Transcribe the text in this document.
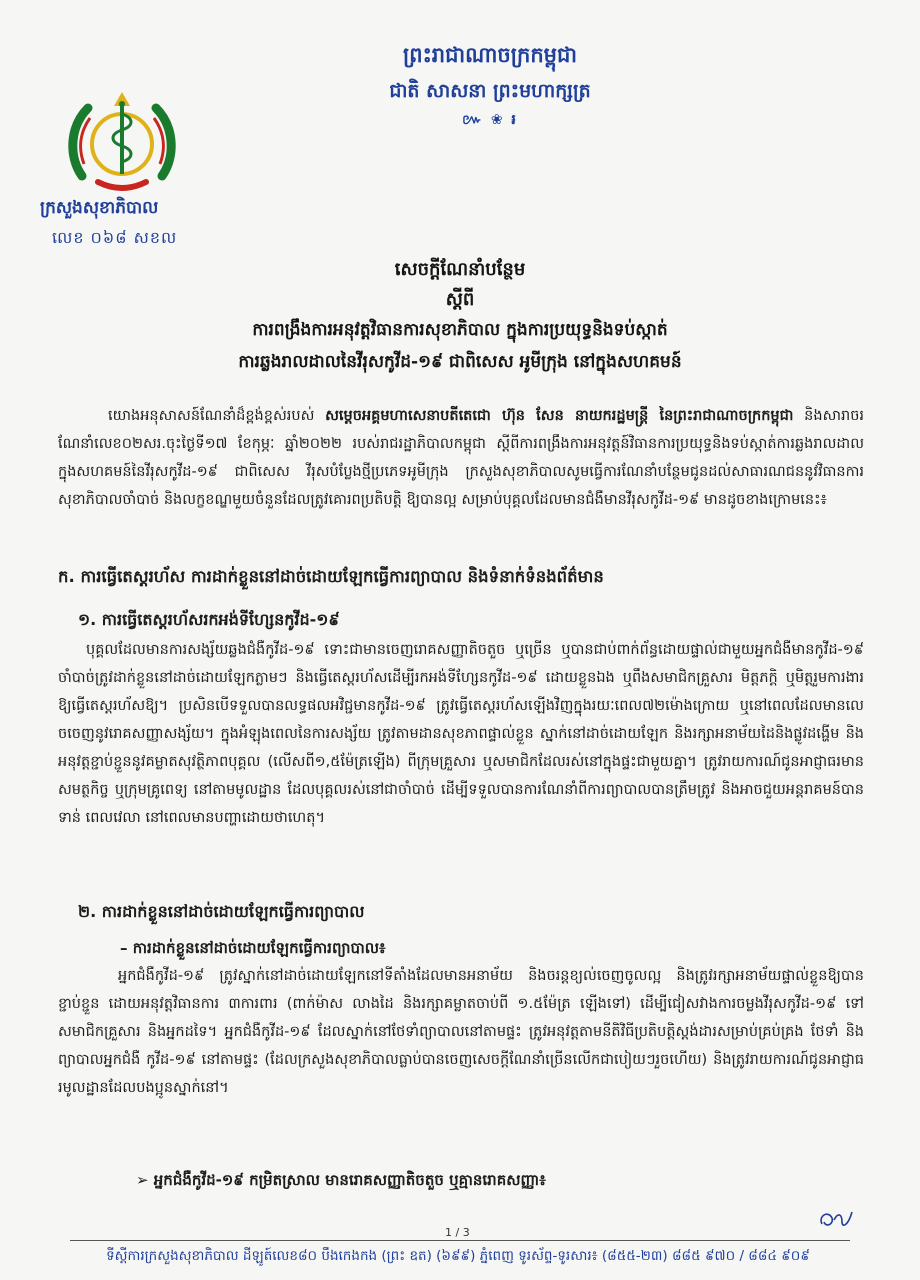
ព្រះរាជាណាចក្រកម្ពុជា
ជាតិ សាសនា ព្រះមហាក្សត្រ
៚ ❀ ៛
ក្រសួងសុខាភិបាល
លេខ ០៦៨ សខល
សេចក្តីណែនាំបន្ថែម
ស្តីពី
ការពង្រឹងការអនុវត្តវិធានការសុខាភិបាល ក្នុងការប្រយុទ្ធនិងទប់ស្កាត់
ការឆ្លងរាលដាលនៃវីរុសកូវីដ-១៩ ជាពិសេស អូមីក្រុង នៅក្នុងសហគមន៍
យោងអនុសាសន៍ណែនាំដ៏ខ្ពង់ខ្ពស់របស់ សម្តេចអគ្គមហាសេនាបតីតេជោ ហ៊ុន សែន នាយករដ្ឋមន្ត្រី នៃព្រះរាជាណាចក្រកម្ពុជា និងសារាចរណែនាំលេខ០២សរ.ចុះថ្ងៃទី១៧ ខែកុម្ភៈ ឆ្នាំ២០២២ របស់រាជរដ្ឋាភិបាលកម្ពុជា ស្តីពីការពង្រឹងការអនុវត្តន៍វិធានការប្រយុទ្ធនិងទប់ស្កាត់ការឆ្លងរាលដាលក្នុងសហគមន៍នៃវីរុសកូវីដ-១៩ ជាពិសេស វីរុសបំប្លែងថ្មីប្រភេទអូមីក្រុង ក្រសួងសុខាភិបាលសូមធ្វើការណែនាំបន្ថែមជូនដល់សាធារណជននូវវិធានការសុខាភិបាលចាំបាច់ និងលក្ខខណ្ឌមួយចំនួនដែលត្រូវគោរពប្រតិបត្តិ ឱ្យបានល្អ សម្រាប់បុគ្គលដែលមានជំងឺមានវីរុសកូវីដ-១៩ មានដូចខាងក្រោមនេះ៖
ក. ការធ្វើតេស្តរហ័ស ការដាក់ខ្លួននៅដាច់ដោយឡែកធ្វើការព្យាបាល និងទំនាក់ទំនងព័ត៌មាន
១. ការធ្វើតេស្តរហ័សរកអង់ទីហ្សែនកូវីដ-១៩
បុគ្គលដែលមានការសង្ស័យឆ្លងជំងឺកូវីដ-១៩ ទោះជាមានចេញរោគសញ្ញាតិចតួច ឬច្រើន ឬបានជាប់ពាក់ព័ន្ធដោយផ្ទាល់ជាមួយអ្នកជំងឺមានកូវីដ-១៩ ចាំបាច់ត្រូវដាក់ខ្លួននៅដាច់ដោយឡែកភ្លាមៗ និងធ្វើតេស្តរហ័សដើម្បីរកអង់ទីហ្សែនកូវីដ-១៩ ដោយខ្លួនឯង ឬពឹងសមាជិកគ្រួសារ មិត្តភក្តិ ឬមិត្តរួមការងារ ឱ្យធ្វើតេស្តរហ័សឱ្យ។ ប្រសិនបើទទួលបានលទ្ធផលអវិជ្ជមានកូវីដ-១៩ ត្រូវធ្វើតេស្តរហ័សឡើងវិញក្នុងរយៈពេល៧២ម៉ោងក្រោយ ឬនៅពេលដែលមានលេចចេញនូវរោគសញ្ញាសង្ស័យ។ ក្នុងអំឡុងពេលនៃការសង្ស័យ ត្រូវតាមដានសុខភាពផ្ទាល់ខ្លួន ស្នាក់នៅដាច់ដោយឡែក និងរក្សាអនាម័យដៃនិងផ្លូវដង្ហើម និងអនុវត្តខ្ជាប់ខ្ជួននូវគម្លាតសុវត្ថិភាពបុគ្គល (លើសពី១,៥ម៉ែត្រឡើង) ពីក្រុមគ្រួសារ ឬសមាជិកដែលរស់នៅក្នុងផ្ទះជាមួយគ្នា។ ត្រូវរាយការណ៍ជូនអាជ្ញាធរមានសមត្ថកិច្ច ឬក្រុមគ្រូពេទ្យ នៅតាមមូលដ្ឋាន ដែលបុគ្គលរស់នៅជាចាំបាច់ ដើម្បីទទួលបានការណែនាំពីការព្យាបាលបានត្រឹមត្រូវ និងអាចជួយអន្តរាគមន៍បានទាន់ ពេលវេលា នៅពេលមានបញ្ហាដោយថាហេតុ។
២. ការដាក់ខ្លួននៅដាច់ដោយឡែកធ្វើការព្យាបាល
– ការដាក់ខ្លួននៅដាច់ដោយឡែកធ្វើការព្យាបាល៖
អ្នកជំងឺកូវីដ-១៩ ត្រូវស្នាក់នៅដាច់ដោយឡែកនៅទីតាំងដែលមានអនាម័យ និងចរន្តខ្យល់ចេញចូលល្អ និងត្រូវរក្សាអនាម័យផ្ទាល់ខ្លួនឱ្យបានខ្ជាប់ខ្ជួន ដោយអនុវត្តវិធានការ ៣ការពារ (ពាក់ម៉ាស លាងដៃ និងរក្សាគម្លាតចាប់ពី ១.៥ម៉ែត្រ ឡើងទៅ) ដើម្បីជៀសវាងការចម្លងវីរុសកូវីដ-១៩ ទៅសមាជិកគ្រួសារ និងអ្នកដទៃ។ អ្នកជំងឺកូវីដ-១៩ ដែលស្នាក់នៅថែទាំព្យាបាលនៅតាមផ្ទះ ត្រូវអនុវត្តតាមនីតិវិធីប្រតិបត្តិស្តង់ដារសម្រាប់គ្រប់គ្រង ថែទាំ និងព្យាបាលអ្នកជំងឺ កូវីដ-១៩ នៅតាមផ្ទះ (ដែលក្រសួងសុខាភិបាលធ្លាប់បានចេញសេចក្តីណែនាំច្រើនលើកជាបៀយៗរួចហើយ) និងត្រូវរាយការណ៍ជូនអាជ្ញាធរមូលដ្ឋានដែលបងប្អូនស្នាក់នៅ។
➢ អ្នកជំងឺកូវីដ-១៩ កម្រិតស្រាល មានរោគសញ្ញាតិចតួច ឬគ្មានរោគសញ្ញា៖
1 / 3
ទីស្តីការក្រសួងសុខាភិបាល ដីឡូត៍លេខ៨០ បឹងកេងកង (ព្រះ ឧត) (៦៩៩) ភ្នំពេញ ទូរស័ព្ទ-ទូរសារ៖ (៨៥៥-២៣) ៨៨៥ ៩៧០ / ៨៨៤ ៩០៩
